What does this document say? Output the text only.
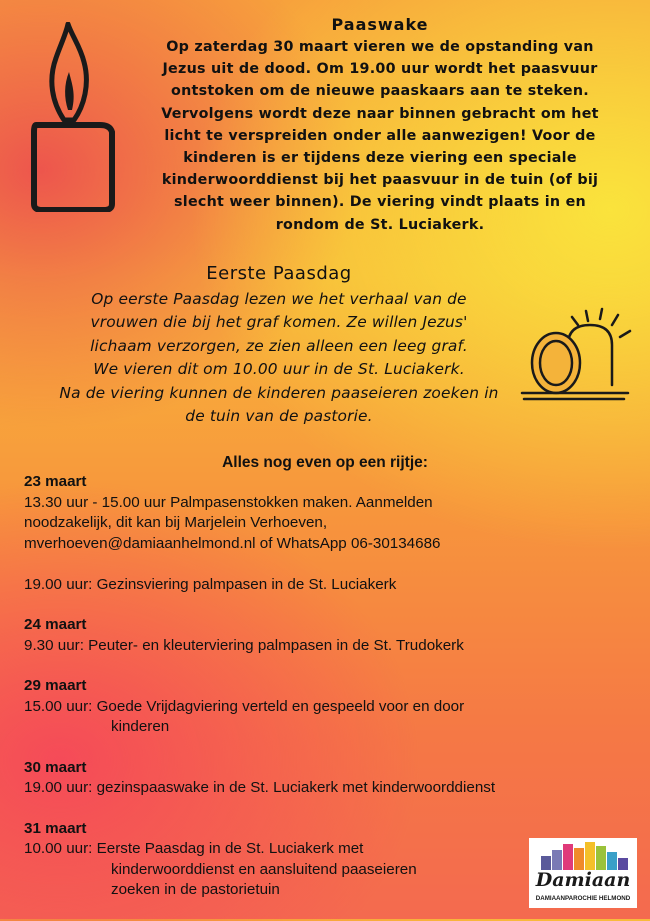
Paaswake

Op zaterdag 30 maart vieren we de opstanding van
Jezus uit de dood. Om 19.00 uur wordt het paasvuur
ontstoken om de nieuwe paaskaars aan te steken.
Vervolgens wordt deze naar binnen gebracht om het
licht te verspreiden onder alle aanwezigen! Voor de
kinderen is er tijdens deze viering een speciale
kinderwoorddienst bij het paasvuur in de tuin (of bij
slecht weer binnen). De viering vindt plaats in en
rondom de St. Luciakerk.

Eerste Paasdag

Op eerste Paasdag lezen we het verhaal van de
vrouwen die bij het graf komen. Ze willen Jezus'
lichaam verzorgen, ze zien alleen een leeg graf.
We vieren dit om 10.00 uur in de St. Luciakerk.
Na de viering kunnen de kinderen paaseieren zoeken in
de tuin van de pastorie.

Alles nog even op een rijtje:
23 maart
13.30 uur - 15.00 uur Palmpasenstokken maken. Aanmelden
noodzakelijk, dit kan bij Marjelein Verhoeven,
mverhoeven@damiaanhelmond.nl of WhatsApp 06-30134686

19.00 uur: Gezinsviering palmpasen in de St. Luciakerk
24 maart
9.30 uur: Peuter- en kleuterviering palmpasen in de St. Trudokerk
29 maart
15.00 uur: Goede Vrijdagviering verteld en gespeeld voor en door
kinderen
30 maart
19.00 uur: gezinspaaswake in de St. Luciakerk met kinderwoorddienst
31 maart
10.00 uur: Eerste Paasdag in de St. Luciakerk met
kinderwoorddienst en aansluitend paaseieren
zoeken in de pastorietuin	Damiaan
DAMIAANPAROCHIE HELMOND
